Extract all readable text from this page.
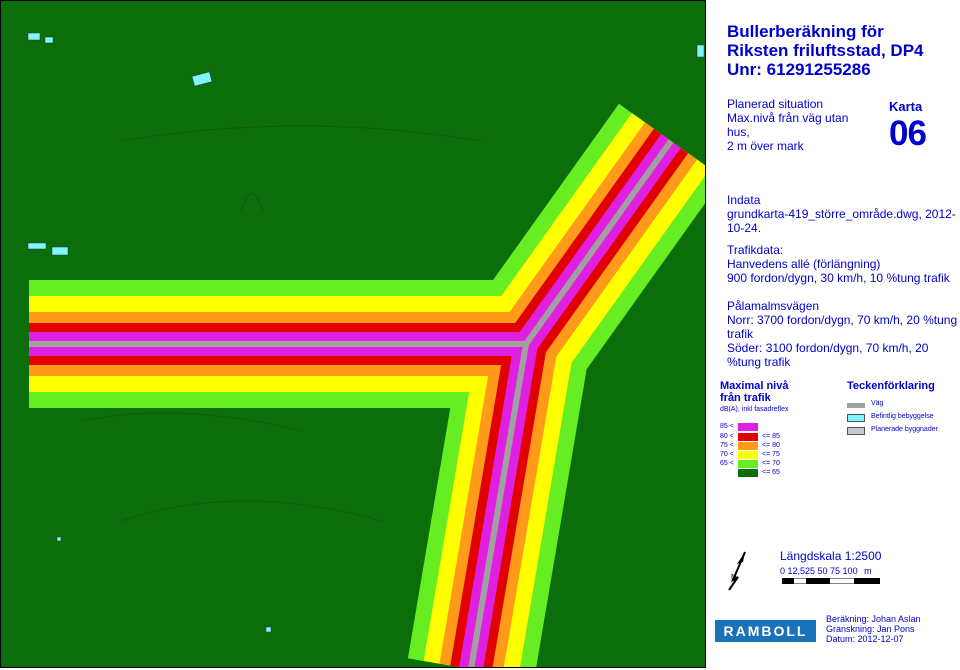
Bullerberäkning för
Riksten friluftsstad, DP4
Unr: 61291255286
Planerad situation
Max.nivå från väg utan hus,
2 m över mark
Karta
06
Indata
grundkarta-419_större_område.dwg, 2012-10-24.

Trafikdata:

Hanvedens allé (förlängning)

900 fordon/dygn, 30 km/h, 10 %tung trafik

Pålamalmsvägen

Norr: 3700 fordon/dygn, 70 km/h, 20 %tung trafik

Söder: 3100 fordon/dygn, 70 km/h, 20 %tung trafik

Maximal nivå
från trafik
dB(A), inkl fasadreflex
85 <
80 <	<= 85
75 <	<= 80
70 <	<= 75
65 <	<= 70
<= 65
Teckenförklaring
Väg
Befintlig bebyggelse
Planerade byggnader
N
Längdskala 1:2500
0 12,525 50 75 100 m
RAMBOLL
Beräkning: Johan Aslan
Granskning: Jan Pons
Datum: 2012-12-07
